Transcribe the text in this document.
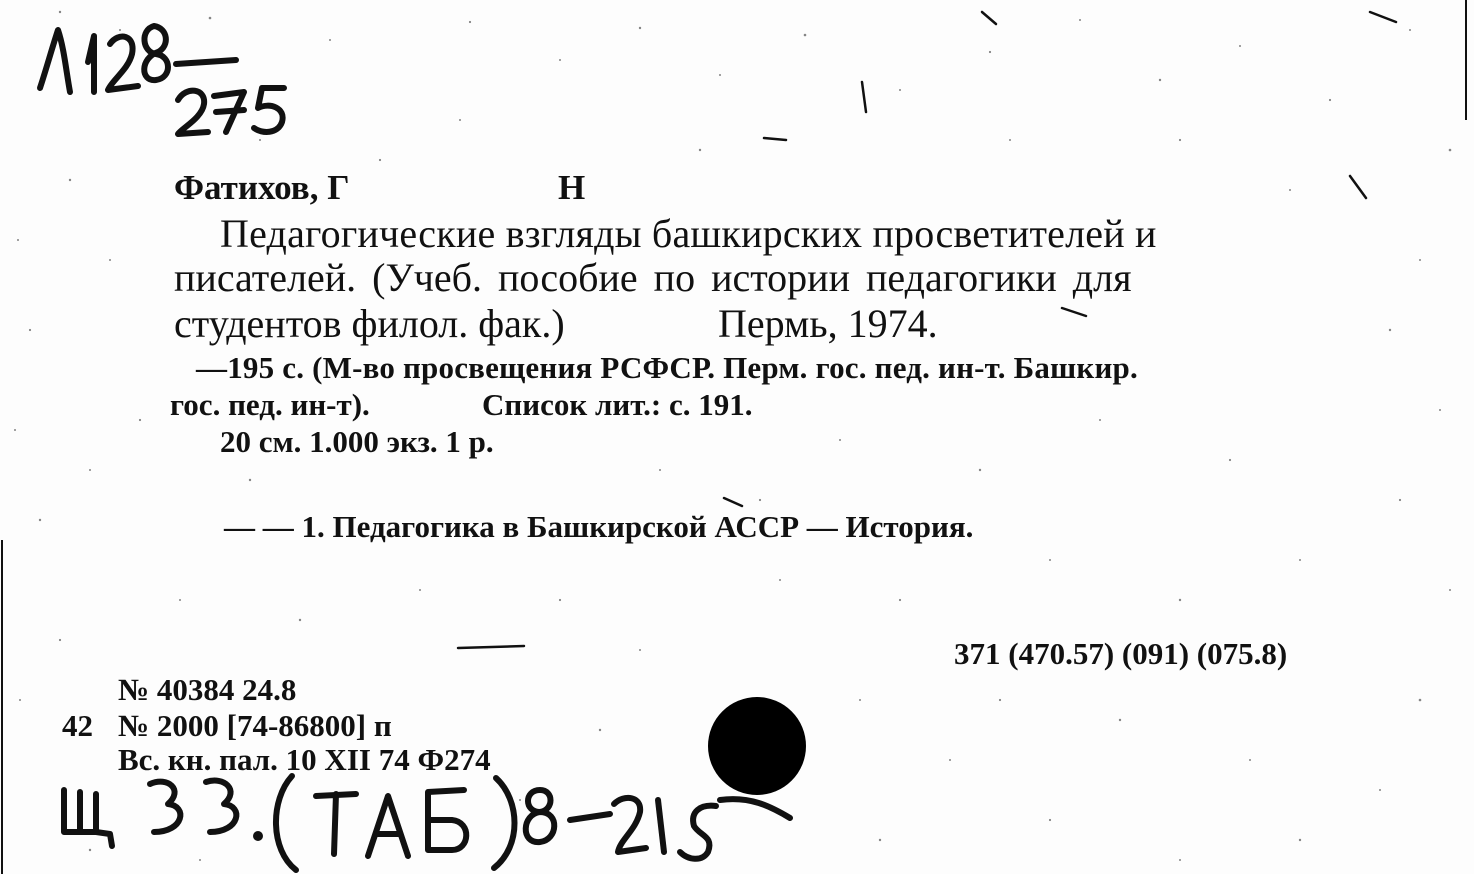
Фатихов, Г	Н
Педагогические взгляды башкирских просветителей и
писателей. (Учеб. пособие по истории педагогики для
студентов филол. фак.)	Пермь, 1974.
—195 с. (М-во просвещения РСФСР. Перм. гос. пед. ин-т. Башкир.
гос. пед. ин-т).	Список лит.: с. 191.
20 см. 1.000 экз. 1 р.
— — 1. Педагогика в Башкирской АССР — История.
371 (470.57) (091) (075.8)
№ 40384 24.8
42 № 2000 [74-86800] п
Вс. кн. пал. 10 XII 74 Ф274
